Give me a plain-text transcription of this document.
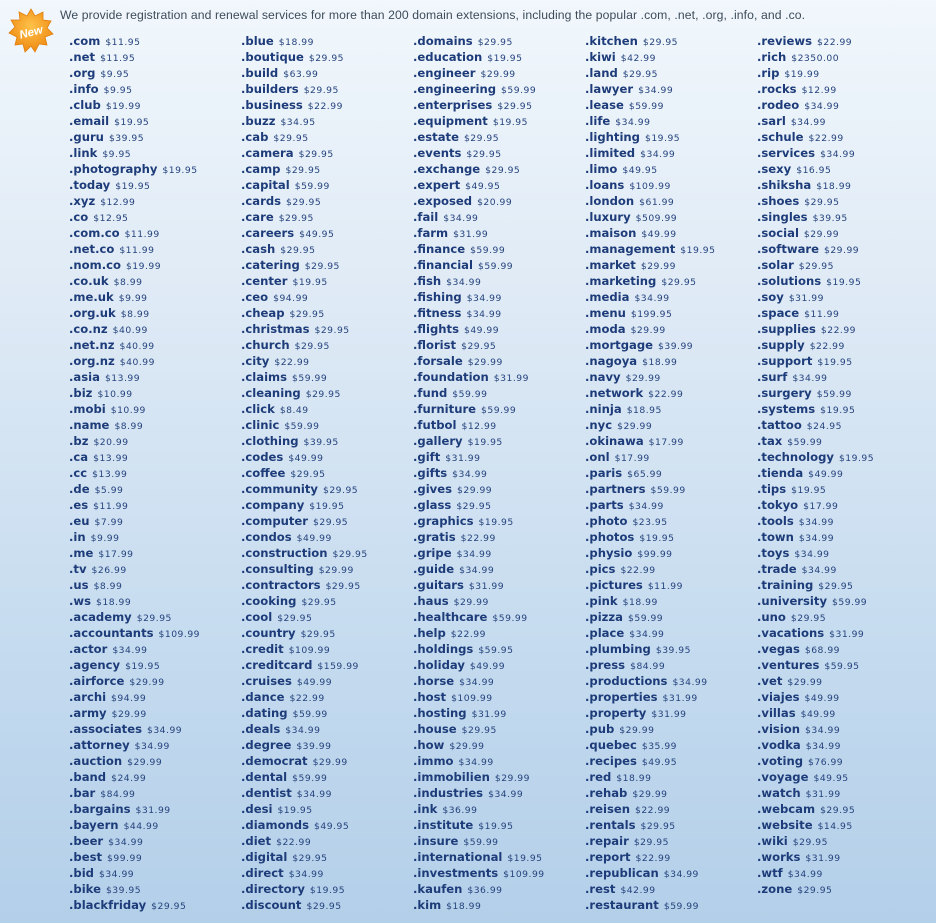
New
We provide registration and renewal services for more than 200 domain extensions, including the popular .com, .net, .org, .info, and .co.
.com $11.95
.net $11.95
.org $9.95
.info $9.95
.club $19.99
.email $19.95
.guru $39.95
.link $9.95
.photography $19.95
.today $19.95
.xyz $12.99
.co $12.95
.com.co $11.99
.net.co $11.99
.nom.co $19.99
.co.uk $8.99
.me.uk $9.99
.org.uk $8.99
.co.nz $40.99
.net.nz $40.99
.org.nz $40.99
.asia $13.99
.biz $10.99
.mobi $10.99
.name $8.99
.bz $20.99
.ca $13.99
.cc $13.99
.de $5.99
.es $11.99
.eu $7.99
.in $9.99
.me $17.99
.tv $26.99
.us $8.99
.ws $18.99
.academy $29.95
.accountants $109.99
.actor $34.99
.agency $19.95
.airforce $29.99
.archi $94.99
.army $29.99
.associates $34.99
.attorney $34.99
.auction $29.99
.band $24.99
.bar $84.99
.bargains $31.99
.bayern $44.99
.beer $34.99
.best $99.99
.bid $34.99
.bike $39.95
.blackfriday $29.95
.blue $18.99
.boutique $29.95
.build $63.99
.builders $29.95
.business $22.99
.buzz $34.95
.cab $29.95
.camera $29.95
.camp $29.95
.capital $59.99
.cards $29.95
.care $29.95
.careers $49.95
.cash $29.95
.catering $29.95
.center $19.95
.ceo $94.99
.cheap $29.95
.christmas $29.95
.church $29.95
.city $22.99
.claims $59.99
.cleaning $29.95
.click $8.49
.clinic $59.99
.clothing $39.95
.codes $49.99
.coffee $29.95
.community $29.95
.company $19.95
.computer $29.95
.condos $49.99
.construction $29.95
.consulting $29.99
.contractors $29.95
.cooking $29.95
.cool $29.95
.country $29.95
.credit $109.99
.creditcard $159.99
.cruises $49.99
.dance $22.99
.dating $59.99
.deals $34.99
.degree $39.99
.democrat $29.99
.dental $59.99
.dentist $34.99
.desi $19.95
.diamonds $49.95
.diet $22.99
.digital $29.95
.direct $34.99
.directory $19.95
.discount $29.95
.domains $29.95
.education $19.95
.engineer $29.99
.engineering $59.99
.enterprises $29.95
.equipment $19.95
.estate $29.95
.events $29.95
.exchange $29.95
.expert $49.95
.exposed $20.99
.fail $34.99
.farm $31.99
.finance $59.99
.financial $59.99
.fish $34.99
.fishing $34.99
.fitness $34.99
.flights $49.99
.florist $29.95
.forsale $29.99
.foundation $31.99
.fund $59.99
.furniture $59.99
.futbol $12.99
.gallery $19.95
.gift $31.99
.gifts $34.99
.gives $29.99
.glass $29.95
.graphics $19.95
.gratis $22.99
.gripe $34.99
.guide $34.99
.guitars $31.99
.haus $29.99
.healthcare $59.99
.help $22.99
.holdings $59.95
.holiday $49.99
.horse $34.99
.host $109.99
.hosting $31.99
.house $29.95
.how $29.99
.immo $34.99
.immobilien $29.99
.industries $34.99
.ink $36.99
.institute $19.95
.insure $59.99
.international $19.95
.investments $109.99
.kaufen $36.99
.kim $18.99
.kitchen $29.95
.kiwi $42.99
.land $29.95
.lawyer $34.99
.lease $59.99
.life $34.99
.lighting $19.95
.limited $34.99
.limo $49.95
.loans $109.99
.london $61.99
.luxury $509.99
.maison $49.99
.management $19.95
.market $29.99
.marketing $29.95
.media $34.99
.menu $199.95
.moda $29.99
.mortgage $39.99
.nagoya $18.99
.navy $29.99
.network $22.99
.ninja $18.95
.nyc $29.99
.okinawa $17.99
.onl $17.99
.paris $65.99
.partners $59.99
.parts $34.99
.photo $23.95
.photos $19.95
.physio $99.99
.pics $22.99
.pictures $11.99
.pink $18.99
.pizza $59.99
.place $34.99
.plumbing $39.95
.press $84.99
.productions $34.99
.properties $31.99
.property $31.99
.pub $29.99
.quebec $35.99
.recipes $49.95
.red $18.99
.rehab $29.99
.reisen $22.99
.rentals $29.95
.repair $29.95
.report $22.99
.republican $34.99
.rest $42.99
.restaurant $59.99
.reviews $22.99
.rich $2350.00
.rip $19.99
.rocks $12.99
.rodeo $34.99
.sarl $34.99
.schule $22.99
.services $34.99
.sexy $16.95
.shiksha $18.99
.shoes $29.95
.singles $39.95
.social $29.99
.software $29.99
.solar $29.95
.solutions $19.95
.soy $31.99
.space $11.99
.supplies $22.99
.supply $22.99
.support $19.95
.surf $34.99
.surgery $59.99
.systems $19.95
.tattoo $24.95
.tax $59.99
.technology $19.95
.tienda $49.99
.tips $19.95
.tokyo $17.99
.tools $34.99
.town $34.99
.toys $34.99
.trade $34.99
.training $29.95
.university $59.99
.uno $29.95
.vacations $31.99
.vegas $68.99
.ventures $59.95
.vet $29.99
.viajes $49.99
.villas $49.99
.vision $34.99
.vodka $34.99
.voting $76.99
.voyage $49.95
.watch $31.99
.webcam $29.95
.website $14.95
.wiki $29.95
.works $31.99
.wtf $34.99
.zone $29.95
